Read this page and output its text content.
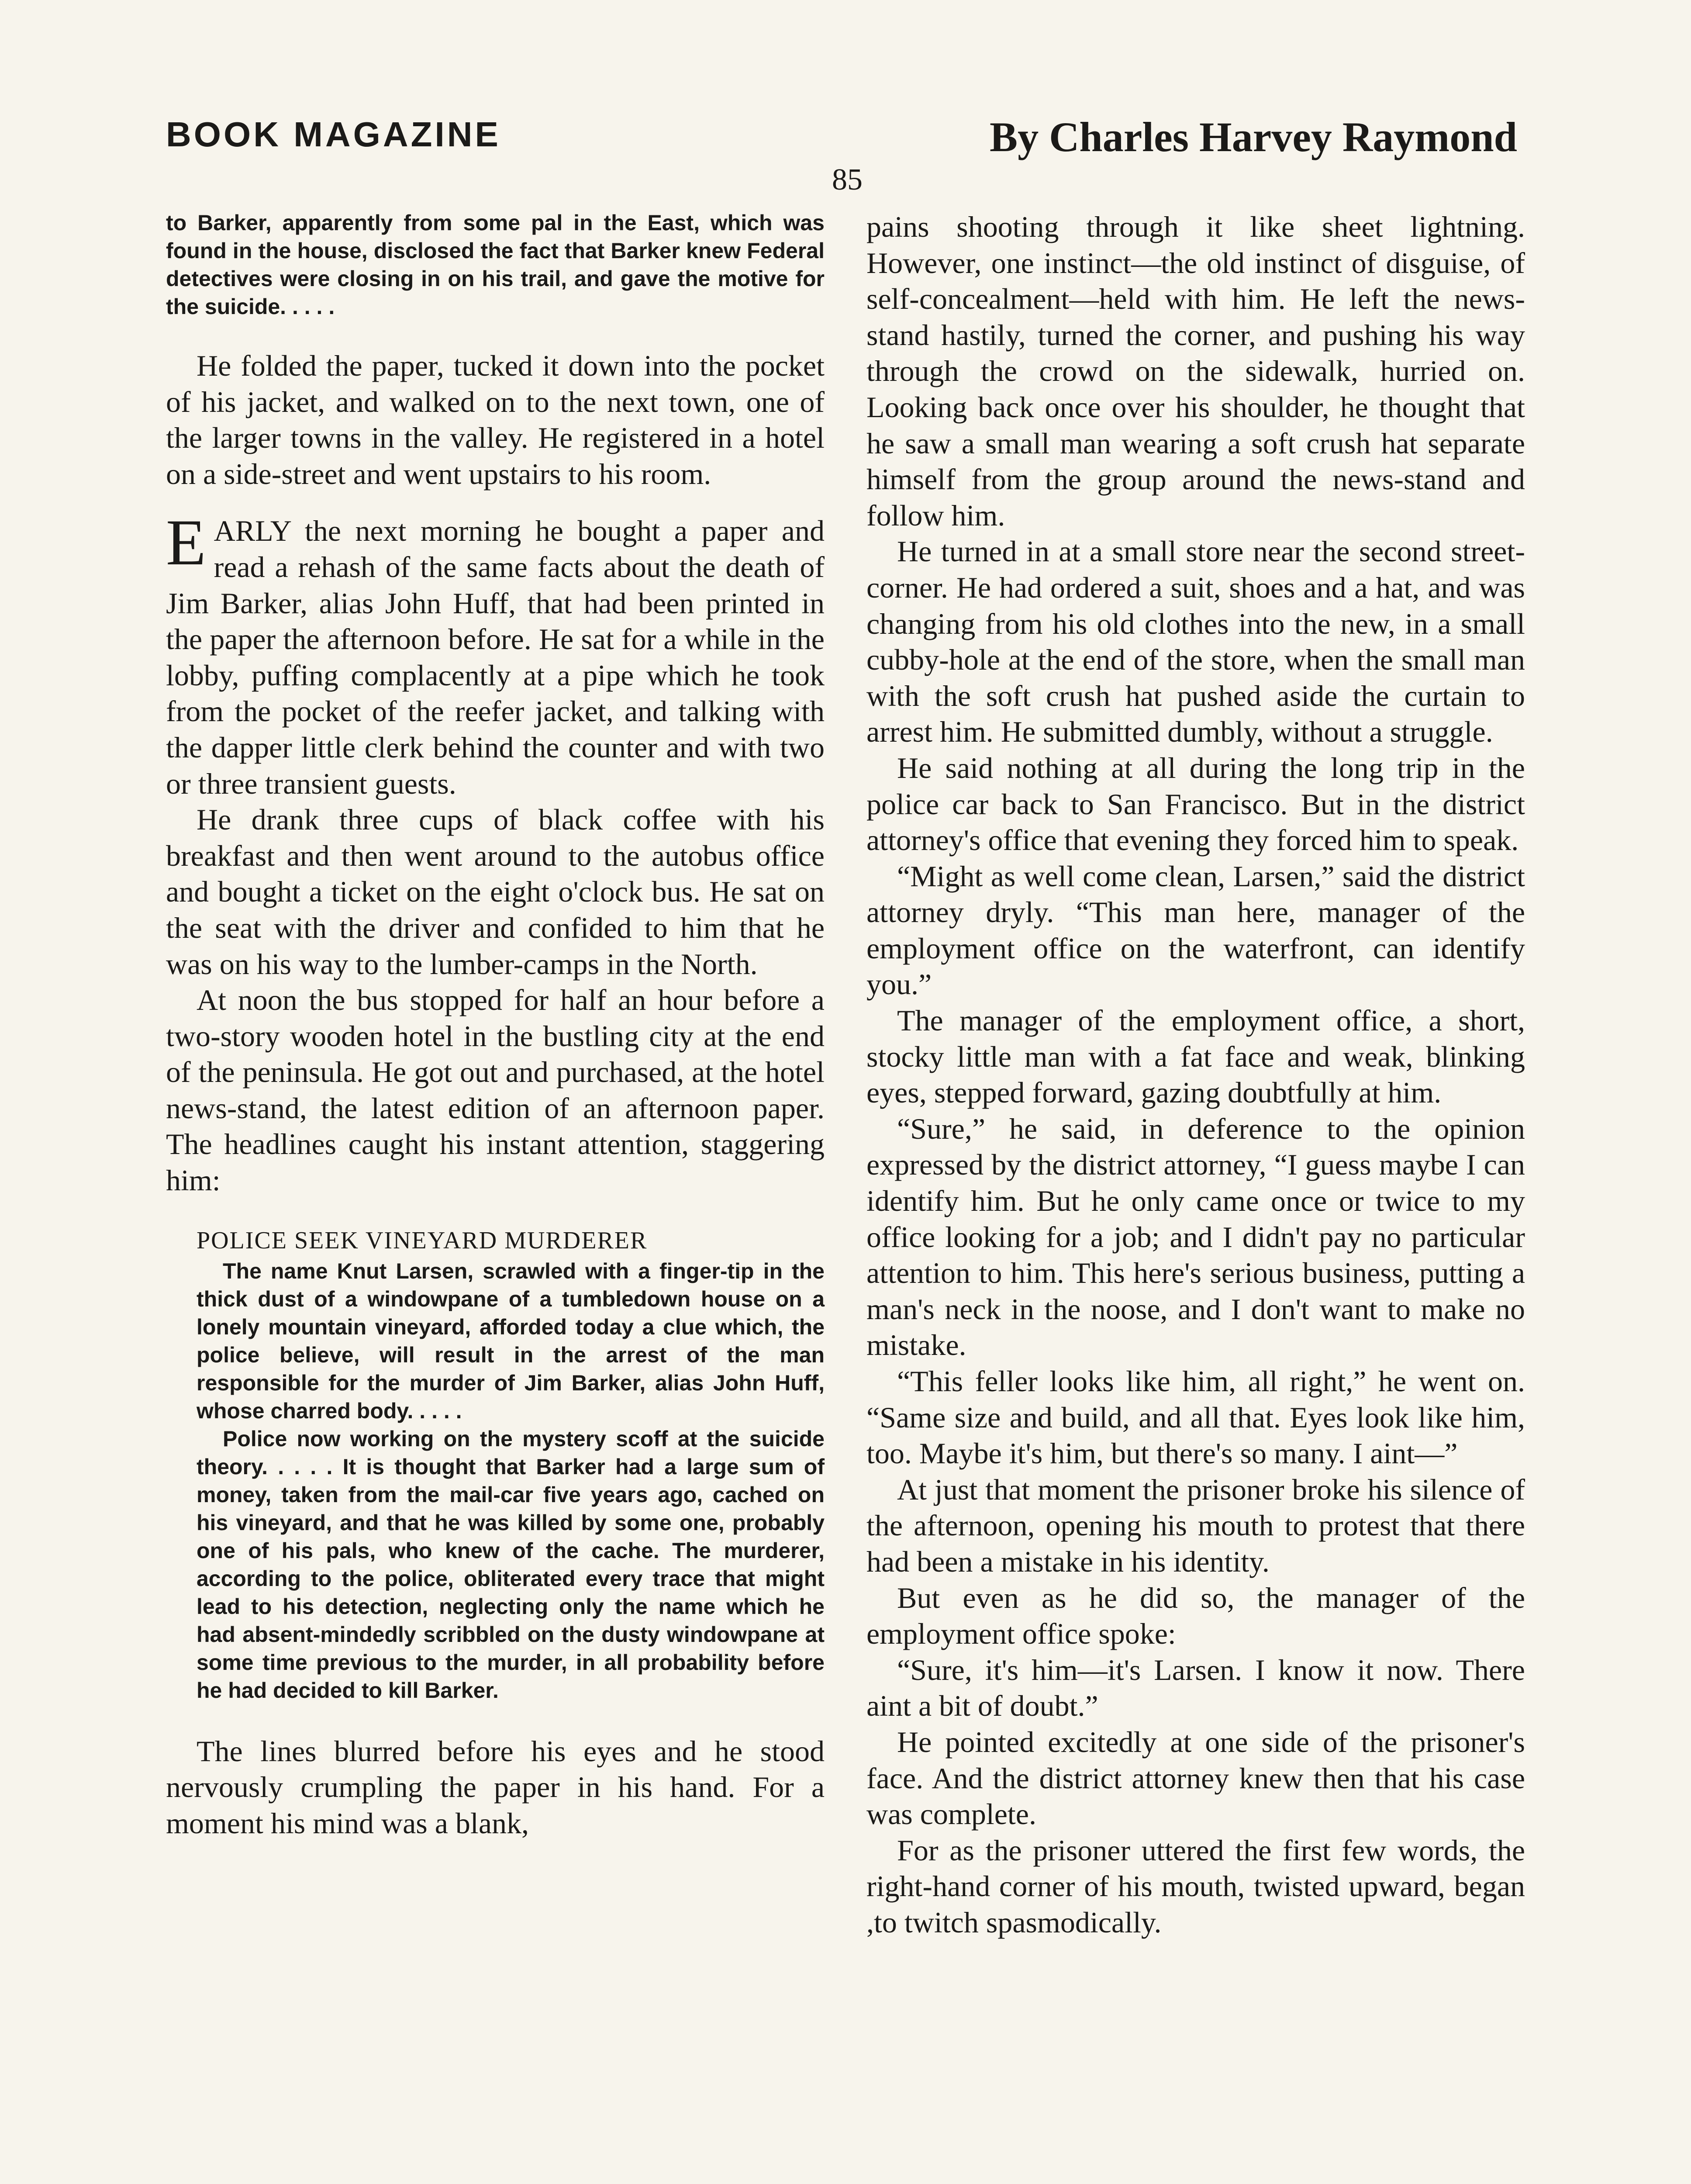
BOOK MAGAZINE	By Charles Harvey Raymond
85

to Barker, apparently from some pal in the East, which was found in the house, disclosed the fact that Barker knew Federal detectives were closing in on his trail, and gave the motive for the suicide. . . . .

He folded the paper, tucked it down into the pocket of his jacket, and walked on to the next town, one of the larger towns in the valley. He registered in a hotel on a side-street and went upstairs to his room.

EARLY the next morning he bought a paper and read a rehash of the same facts about the death of Jim Barker, alias John Huff, that had been printed in the paper the afternoon before. He sat for a while in the lobby, puffing complacently at a pipe which he took from the pocket of the reefer jacket, and talking with the dapper little clerk behind the counter and with two or three transient guests.

He drank three cups of black coffee with his breakfast and then went around to the autobus office and bought a ticket on the eight o'clock bus. He sat on the seat with the driver and confided to him that he was on his way to the lumber-camps in the North.

At noon the bus stopped for half an hour before a two-story wooden hotel in the bustling city at the end of the peninsula. He got out and purchased, at the hotel news-stand, the latest edition of an afternoon paper. The headlines caught his instant attention, staggering him:

POLICE SEEK VINEYARD MURDERER

The name Knut Larsen, scrawled with a finger-tip in the thick dust of a windowpane of a tumbledown house on a lonely mountain vineyard, afforded today a clue which, the police believe, will result in the arrest of the man responsible for the murder of Jim Barker, alias John Huff, whose charred body. . . . .

Police now working on the mystery scoff at the suicide theory. . . . . It is thought that Barker had a large sum of money, taken from the mail-car five years ago, cached on his vineyard, and that he was killed by some one, probably one of his pals, who knew of the cache. The murderer, according to the police, obliterated every trace that might lead to his detection, neglecting only the name which he had absent-mindedly scribbled on the dusty windowpane at some time previous to the murder, in all probability before he had decided to kill Barker.

The lines blurred before his eyes and he stood nervously crumpling the paper in his hand. For a moment his mind was a blank,

pains shooting through it like sheet lightning. However, one instinct—the old instinct of disguise, of self-concealment—held with him. He left the news-stand hastily, turned the corner, and pushing his way through the crowd on the sidewalk, hurried on. Looking back once over his shoulder, he thought that he saw a small man wearing a soft crush hat separate himself from the group around the news-stand and follow him.

He turned in at a small store near the second street-corner. He had ordered a suit, shoes and a hat, and was changing from his old clothes into the new, in a small cubby-hole at the end of the store, when the small man with the soft crush hat pushed aside the curtain to arrest him. He submitted dumbly, without a struggle.

He said nothing at all during the long trip in the police car back to San Francisco. But in the district attorney's office that evening they forced him to speak.

“Might as well come clean, Larsen,” said the district attorney dryly. “This man here, manager of the employment office on the waterfront, can identify you.”

The manager of the employment office, a short, stocky little man with a fat face and weak, blinking eyes, stepped forward, gazing doubtfully at him.

“Sure,” he said, in deference to the opinion expressed by the district attorney, “I guess maybe I can identify him. But he only came once or twice to my office looking for a job; and I didn't pay no particular attention to him. This here's serious business, putting a man's neck in the noose, and I don't want to make no mistake.

“This feller looks like him, all right,” he went on. “Same size and build, and all that. Eyes look like him, too. Maybe it's him, but there's so many. I aint—”

At just that moment the prisoner broke his silence of the afternoon, opening his mouth to protest that there had been a mistake in his identity.

But even as he did so, the manager of the employment office spoke:

“Sure, it's him—it's Larsen. I know it now. There aint a bit of doubt.”

He pointed excitedly at one side of the prisoner's face. And the district attorney knew then that his case was complete.

For as the prisoner uttered the first few words, the right-hand corner of his mouth, twisted upward, began ,to twitch spasmodically.
